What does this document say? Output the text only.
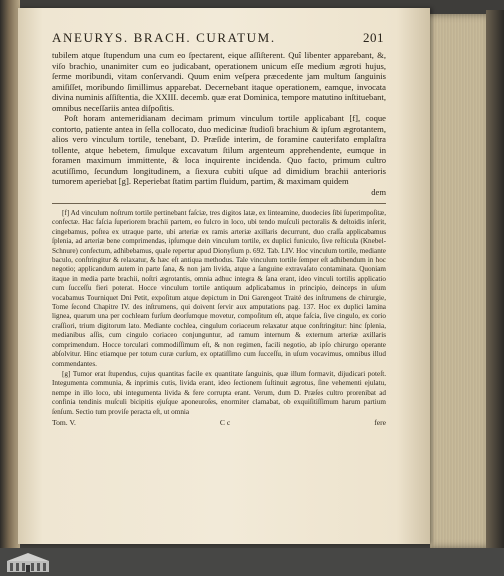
ANEURYS. BRACH. CURATUM.	201

tubilem atque ſtupendum una cum eo ſpectarent, eique aſſiſterent. Quî libenter apparebant, &, viſo brachio, unanimiter cum eo judicabant, operationem unicum eſſe medium ægroti hujus, ſerme moribundi, vitam conſervandi. Quum enim veſpera præcedente jam multum ſanguinis amiſiſſet, moribundo ſimillimus apparebat. Decernebant itaque operationem, eamque, invocata divina numinis aſſiſtentia, die XXIII. decemb. quæ erat Dominica, tempore matutino inſtituebant, omnibus neceſſariis antea diſpoſitis.

Poſt horam antemeridianam decimam primum vinculum tortile applicabant [f], coque contorto, patiente antea in ſella collocato, duo medicinæ ſtudioſi brachium & ipſum ægrotantem, alios vero vinculum tortile, tenebant, D. Præſide interim, de foramine cauterifato emplaſtra tollente, atque hebetem, ſimulque excavatum ſtilum argenteum apprehendente, eumque in foramen maximum immittente, & loca inquirente incidenda. Quo facto, primum cultro acutiſſimo, ſecundum longitudinem, a ſiexura cubiti uſque ad dimidium brachii anterioris tumorem aperiebat [g]. Reperiebat ſtatim partim fluidum, partim, & maximam quidem

dem

[f] Ad vinculum noſtrum tortile pertinebant faſciæ, tres digitos latæ, ex linteamine, duodecies ſibi ſuperimpoſitæ, confectæ. Hac faſcia ſuperiorem brachii partem, eo fulcro in loco, ubi tendo muſculi pectoralis & deltoidis inſerit, cingebamus, poſtea ex utraque parte, ubi arteriæ ex ramis arteriæ axillaris decurrunt, duo craſſa applicabamus ſplenia, ad arteriæ bene comprimendas, ipſumque dein vinculum tortile, ex duplici funiculo, ſive reſticula (Knebel-Schnure) confectum, adhibebamus, quale repertur apud Dionyſium p. 692. Tab. LIV. Hoc vinculum tortile, mediante baculo, conſtringitur & relaxatur, & hæc eſt antiqua methodus. Tale vinculum tortile ſemper eſt adhibendum in hoc negotio; applicandum autem in parte ſana, & non jam livida, atque a ſanguine extravaſato contaminata. Quoniam itaque in media parte brachii, noſtri ægrotantis, omnia adhuc integra & ſana erant, ideo vinculi tortilis applicatio cum ſucceſſu fieri poterat. Hocce vinculum tortile antiquum adplicabamus in principio, deinceps in uſum vocabamus Tourniquet Dni Petit, expoſitum atque depictum in Dni Garengeot Traité des inſtrumens de chirurgie, Tome ſecond Chapitre IV. des inſtrumens, qui doivent ſervir aux amputations pag. 137. Hoc ex duplici lamina lignea, quarum una per cochleam furſum deorſumque movetur, compoſitum eſt, atque faſcia, ſive cingulo, ex corio craſſiori, trium digitorum lato. Mediante cochlea, cingulum coriaceum relaxatur atque conſtringitur: hinc ſplenia, medianibus aſſis, cum cingulo coriaceo conjunguntur, ad ramum internum & externum arteriæ axillaris comprimendum. Hocce torculari commodiſſimum eſt, & non regimen, facili negotio, ab ipſo chirurgo operante abſolvitur. Hinc etiamque per totum curæ curſum, ex optatiſſimo cum ſucceſſu, in uſum vocavimus, omnibus illud commendantes.

[g] Tumor erat ſtupendus, cujus quantitas facile ex quantitate ſanguinis, quæ illum formavit, dijudicari poteſt. Integumenta communia, & inprimis cutis, livida erant, ideo ſectionem ſuſtinuit ægrotus, ſine vehementi ejulatu, nempe in illo loco, ubi integumenta livida & fere corrupta erant. Verum, dum D. Præſes cultro prorenibat ad confinia tendinis muſculi bicipitis ejuſque aponeuroſes, enormiter clamabat, ob exquiſitiſſimum harum partium ſenſum. Sectio tum proviſe peracta eſt, ut omnia

Tom. V.	C c	fere
